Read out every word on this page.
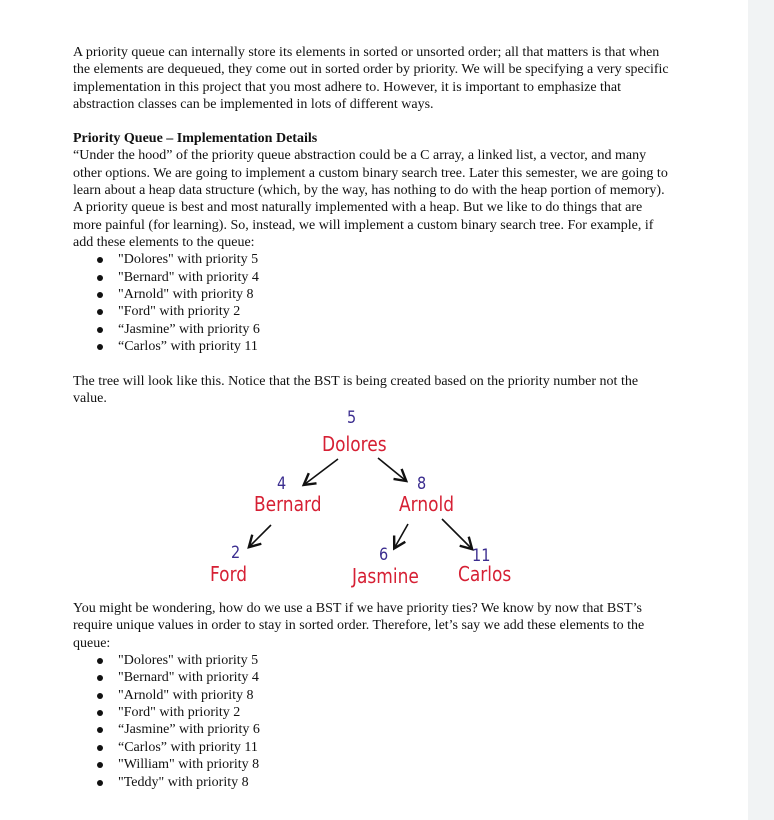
A priority queue can internally store its elements in sorted or unsorted order; all that matters is that when the elements are dequeued, they come out in sorted order by priority. We will be specifying a very specific implementation in this project that you most adhere to. However, it is important to emphasize that abstraction classes can be implemented in lots of different ways.

Priority Queue – Implementation Details

“Under the hood” of the priority queue abstraction could be a C array, a linked list, a vector, and many other options. We are going to implement a custom binary search tree. Later this semester, we are going to learn about a heap data structure (which, by the way, has nothing to do with the heap portion of memory). A priority queue is best and most naturally implemented with a heap. But we like to do things that are more painful (for learning). So, instead, we will implement a custom binary search tree. For example, if add these elements to the queue:

"Dolores" with priority 5
"Bernard" with priority 4
"Arnold" with priority 8
"Ford" with priority 2
“Jasmine” with priority 6
“Carlos” with priority 11

The tree will look like this. Notice that the BST is being created based on the priority number not the value.

5
Dolores
4
Bernard
8
Arnold
2
Ford
6
Jasmine
11
Carlos

You might be wondering, how do we use a BST if we have priority ties? We know by now that BST’s require unique values in order to stay in sorted order. Therefore, let’s say we add these elements to the queue:

"Dolores" with priority 5
"Bernard" with priority 4
"Arnold" with priority 8
"Ford" with priority 2
“Jasmine” with priority 6
“Carlos” with priority 11
"William" with priority 8
"Teddy" with priority 8
